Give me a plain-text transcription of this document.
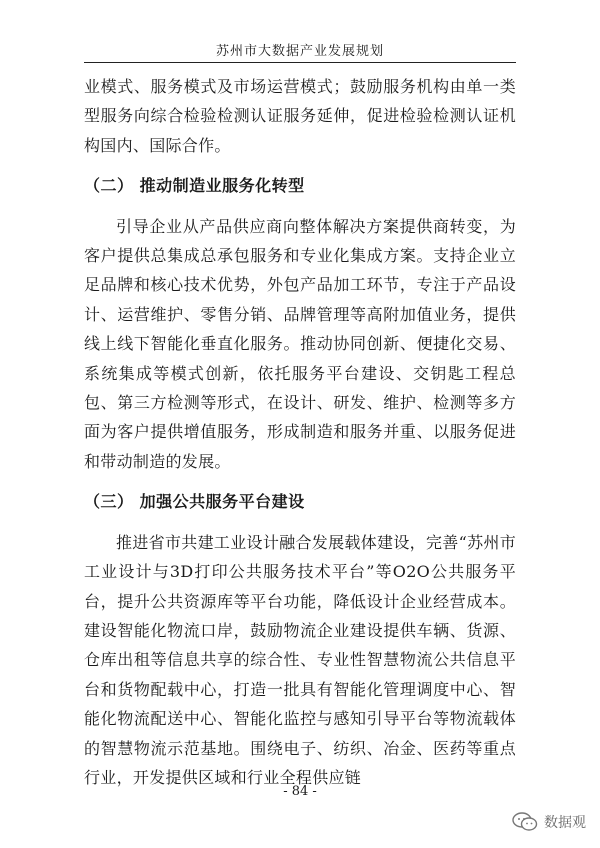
苏州市大数据产业发展规划

业模式、服务模式及市场运营模式；鼓励服务机构由单一类型服务向综合检验检测认证服务延伸，促进检验检测认证机构国内、国际合作。

（二） 推动制造业服务化转型

引导企业从产品供应商向整体解决方案提供商转变，为客户提供总集成总承包服务和专业化集成方案。支持企业立足品牌和核心技术优势，外包产品加工环节，专注于产品设计、运营维护、零售分销、品牌管理等高附加值业务，提供线上线下智能化垂直化服务。推动协同创新、便捷化交易、系统集成等模式创新，依托服务平台建设、交钥匙工程总包、第三方检测等形式，在设计、研发、维护、检测等多方面为客户提供增值服务，形成制造和服务并重、以服务促进和带动制造的发展。

（三） 加强公共服务平台建设

推进省市共建工业设计融合发展载体建设，完善“苏州市工业设计与3D打印公共服务技术平台”等O2O公共服务平台，提升公共资源库等平台功能，降低设计企业经营成本。建设智能化物流口岸，鼓励物流企业建设提供车辆、货源、仓库出租等信息共享的综合性、专业性智慧物流公共信息平台和货物配载中心，打造一批具有智能化管理调度中心、智能化物流配送中心、智能化监控与感知引导平台等物流载体的智慧物流示范基地。围绕电子、纺织、冶金、医药等重点行业，开发提供区域和行业全程供应链

- 84 -
数据观
